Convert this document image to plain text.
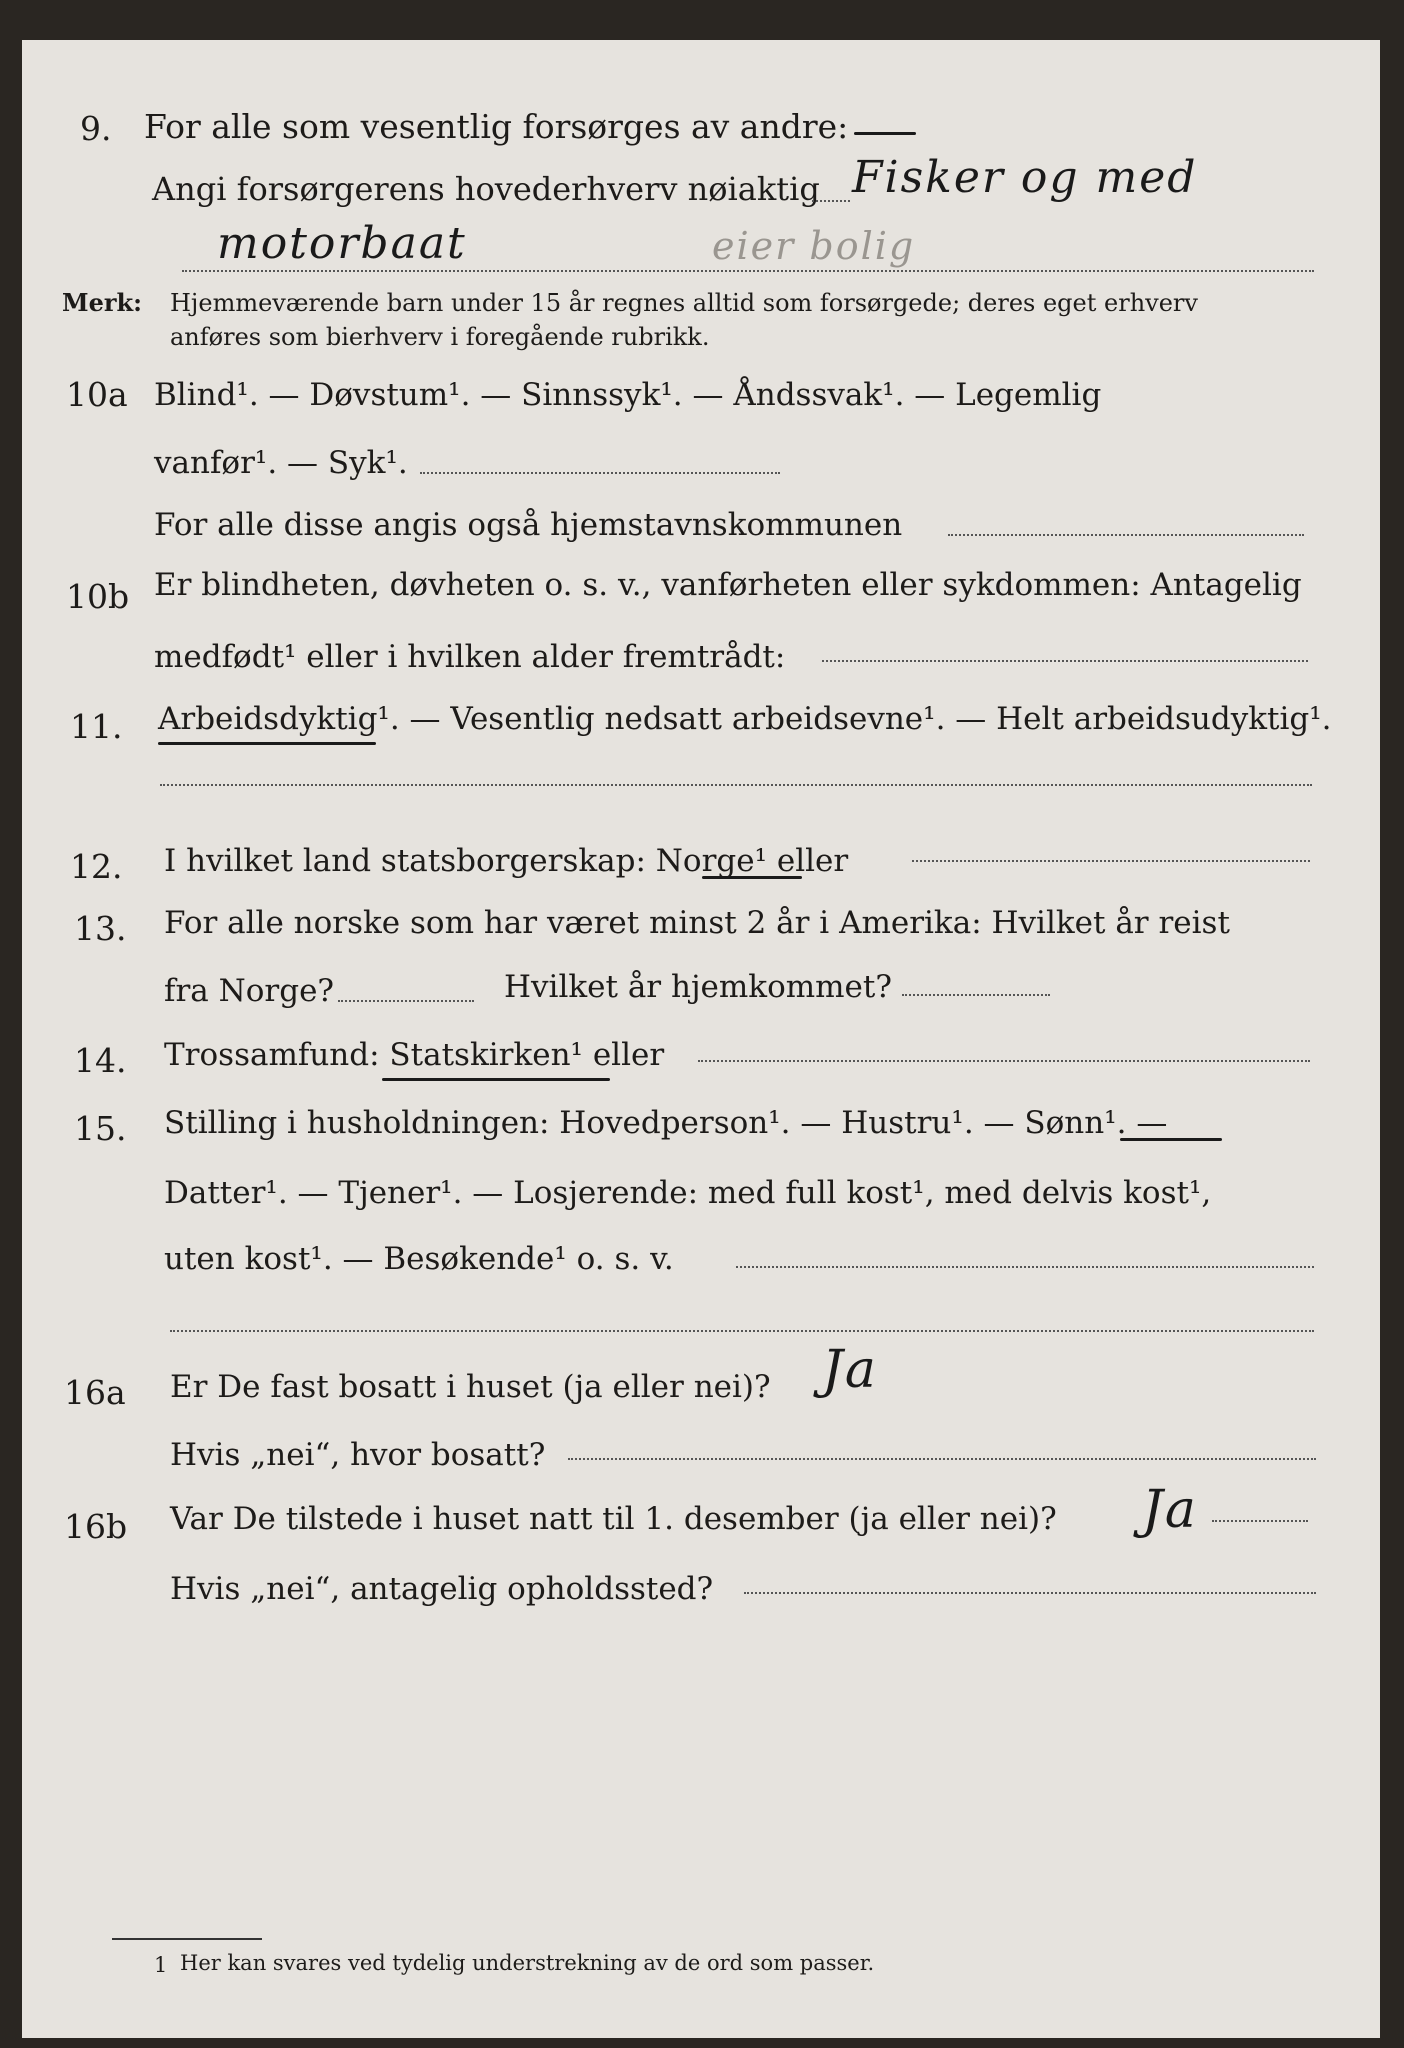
9. For alle som vesentlig forsørges av andre:
Angi forsørgerens hovederhverv nøiaktig Fisker og med
motorbaat	eier bolig
Merk: Hjemmeværende barn under 15 år regnes alltid som forsørgede; deres eget erhverv
anføres som bierhverv i foregående rubrikk.
10a Blind¹. — Døvstum¹. — Sinnssyk¹. — Åndssvak¹. — Legemlig
vanfør¹. — Syk¹.
For alle disse angis også hjemstavnskommunen
10b Er blindheten, døvheten o. s. v., vanførheten eller sykdommen: Antagelig
medfødt¹ eller i hvilken alder fremtrådt:
11. Arbeidsdyktig¹. — Vesentlig nedsatt arbeidsevne¹. — Helt arbeidsudyktig¹.
12. I hvilket land statsborgerskap: Norge¹ eller
13. For alle norske som har været minst 2 år i Amerika: Hvilket år reist
fra Norge?	Hvilket år hjemkommet?
14. Trossamfund: Statskirken¹ eller
15. Stilling i husholdningen: Hovedperson¹. — Hustru¹. — Sønn¹. —
Datter¹. — Tjener¹. — Losjerende: med full kost¹, med delvis kost¹,
uten kost¹. — Besøkende¹ o. s. v.
16a Er De fast bosatt i huset (ja eller nei)? Ja
Hvis „nei“, hvor bosatt?
16b Var De tilstede i huset natt til 1. desember (ja eller nei)? Ja
Hvis „nei“, antagelig opholdssted?
1 Her kan svares ved tydelig understrekning av de ord som passer.
